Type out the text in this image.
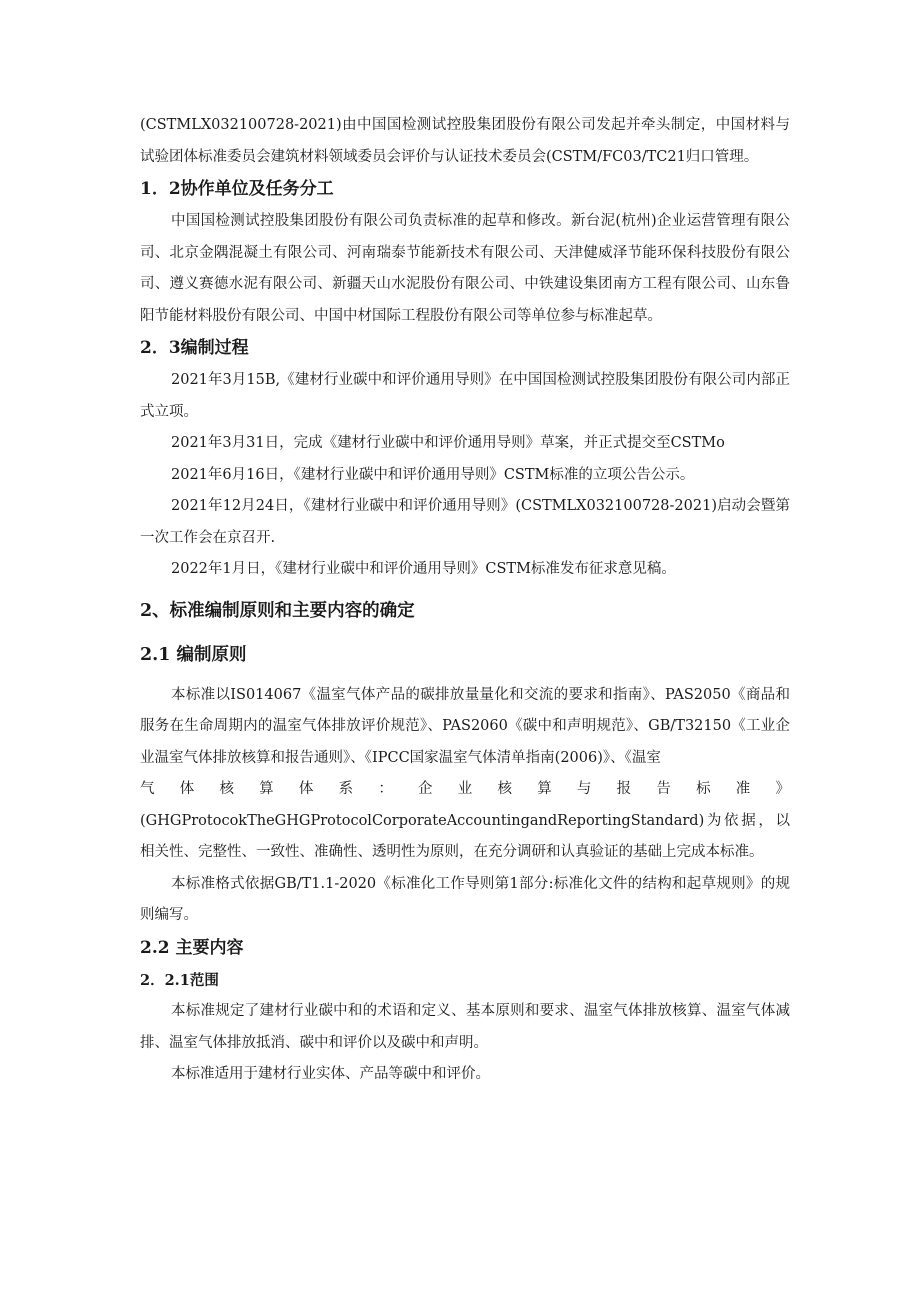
(CSTMLX032100728-2021)由中国国检测试控股集团股份有限公司发起并牵头制定，中国材料与试验团体标准委员会建筑材料领域委员会评价与认证技术委员会(CSTM/FC03/TC21归口管理。

1．2协作单位及任务分工

中国国检测试控股集团股份有限公司负责标准的起草和修改。新台泥(杭州)企业运营管理有限公司、北京金隅混凝土有限公司、河南瑞泰节能新技术有限公司、天津健威泽节能环保科技股份有限公司、遵义赛德水泥有限公司、新疆天山水泥股份有限公司、中铁建设集团南方工程有限公司、山东鲁阳节能材料股份有限公司、中国中材国际工程股份有限公司等单位参与标准起草。

2．3编制过程

2021年3月15B,《建材行业碳中和评价通用导则》在中国国检测试控股集团股份有限公司内部正式立项。

2021年3月31日，完成《建材行业碳中和评价通用导则》草案，并正式提交至CSTMo

2021年6月16日，《建材行业碳中和评价通用导则》CSTM标准的立项公告公示。

2021年12月24日，《建材行业碳中和评价通用导则》(CSTMLX032100728-2021)启动会暨第一次工作会在京召开.

2022年1月日，《建材行业碳中和评价通用导则》CSTM标准发布征求意见稿。

2、标准编制原则和主要内容的确定
2.1 编制原则

本标准以IS014067《温室气体产品的碳排放量量化和交流的要求和指南》、PAS2050《商品和服务在生命周期内的温室气体排放评价规范》、PAS2060《碳中和声明规范》、GB/T32150《工业企业温室气体排放核算和报告通则》、《IPCC国家温室气体清单指南(2006)》、《温室

气 体 核 算 体 系 ： 企 业 核 算 与 报 告 标 准 》

(GHGProtocokTheGHGProtocolCorporateAccountingandReportingStandard)为依据，以相关性、完整性、一致性、准确性、透明性为原则，在充分调研和认真验证的基础上完成本标准。

本标准格式依据GB/T1.1-2020《标准化工作导则第1部分:标准化文件的结构和起草规则》的规则编写。

2.2 主要内容
2．2.1范围

本标准规定了建材行业碳中和的术语和定义、基本原则和要求、温室气体排放核算、温室气体减排、温室气体排放抵消、碳中和评价以及碳中和声明。

本标准适用于建材行业实体、产品等碳中和评价。
